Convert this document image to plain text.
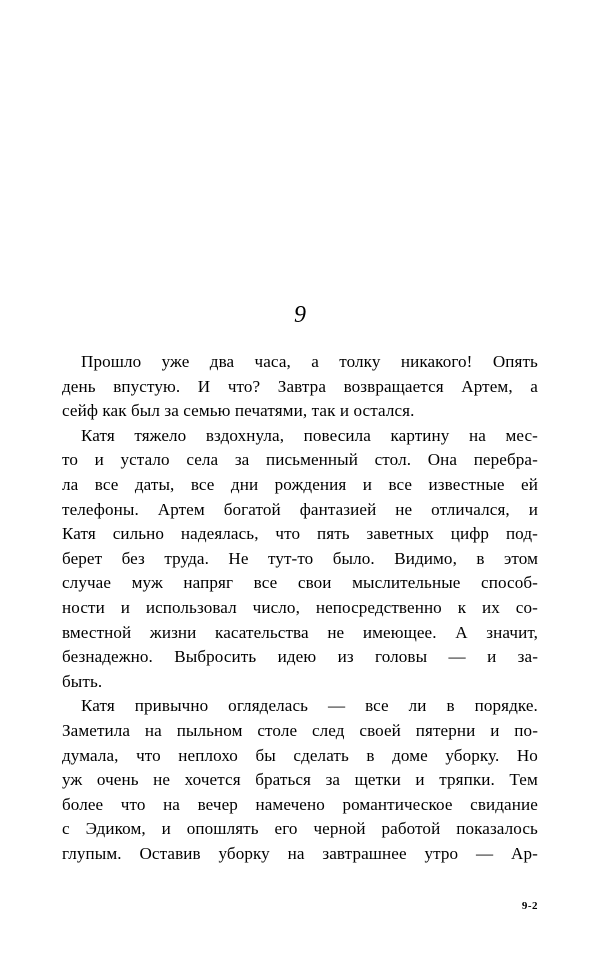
9

Прошло уже два часа, а толку никакого! Опять
день впустую. И что? Завтра возвращается Артем, а
сейф как был за семью печатями, так и остался.

Катя тяжело вздохнула, повесила картину на мес-
то и устало села за письменный стол. Она перебра-
ла все даты, все дни рождения и все известные ей
телефоны. Артем богатой фантазией не отличался, и
Катя сильно надеялась, что пять заветных цифр под-
берет без труда. Не тут-то было. Видимо, в этом
случае муж напряг все свои мыслительные способ-
ности и использовал число, непосредственно к их со-
вместной жизни касательства не имеющее. А значит,
безнадежно. Выбросить идею из головы — и за-
быть.

Катя привычно огляделась — все ли в порядке.
Заметила на пыльном столе след своей пятерни и по-
думала, что неплохо бы сделать в доме уборку. Но
уж очень не хочется браться за щетки и тряпки. Тем
более что на вечер намечено романтическое свидание
с Эдиком, и опошлять его черной работой показалось
глупым. Оставив уборку на завтрашнее утро — Ар-

9-2
